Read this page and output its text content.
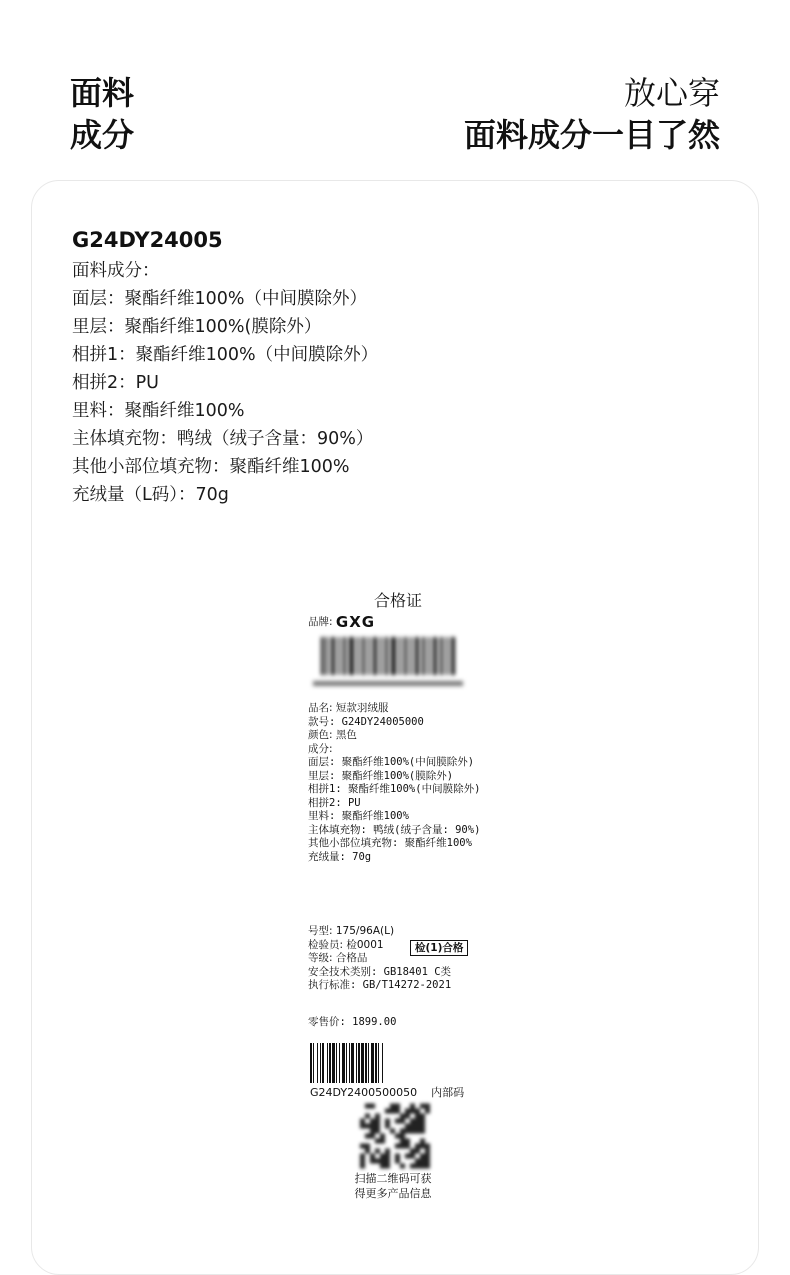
面料
成分
放心穿
面料成分一目了然
G24DY24005
面料成分：
面层：聚酯纤维100%（中间膜除外）
里层：聚酯纤维100%(膜除外）
相拼1：聚酯纤维100%（中间膜除外）
相拼2：PU
里料：聚酯纤维100%
主体填充物：鸭绒（绒子含量：90%）
其他小部位填充物：聚酯纤维100%
充绒量（L码）：70g
合格证
品牌: GXG
品名: 短款羽绒服
款号: G24DY24005000
颜色: 黑色
成分:
面层: 聚酯纤维100%(中间膜除外)
里层: 聚酯纤维100%(膜除外)
相拼1: 聚酯纤维100%(中间膜除外)
相拼2: PU
里料: 聚酯纤维100%
主体填充物: 鸭绒(绒子含量: 90%)
其他小部位填充物: 聚酯纤维100%
充绒量: 70g
号型: 175/96A(L)
检验员: 检0001
等级: 合格品
安全技术类别: GB18401 C类
执行标准: GB/T14272-2021
检(1)合格
零售价: 1899.00
G24DY2400500050 内部码
扫描二维码可获
得更多产品信息
